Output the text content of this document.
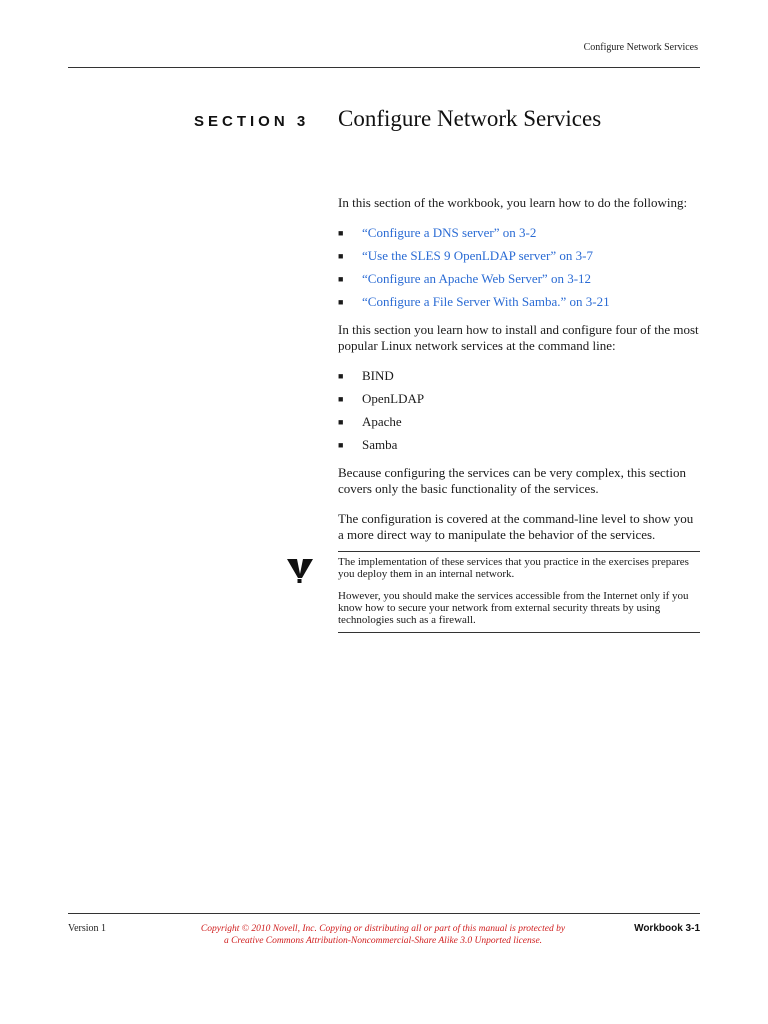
Configure Network Services
SECTION 3 Configure Network Services

In this section of the workbook, you learn how to do the following:

■ “Configure a DNS server” on 3-2
■ “Use the SLES 9 OpenLDAP server” on 3-7
■ “Configure an Apache Web Server” on 3-12
■ “Configure a File Server With Samba.” on 3-21

In this section you learn how to install and configure four of the most popular Linux network services at the command line:

■ BIND
■ OpenLDAP
■ Apache
■ Samba

Because configuring the services can be very complex, this section covers only the basic functionality of the services.

The configuration is covered at the command-line level to show you a more direct way to manipulate the behavior of the services.

The implementation of these services that you practice in the exercises prepares you deploy them in an internal network.

However, you should make the services accessible from the Internet only if you know how to secure your network from external security threats by using technologies such as a firewall.

Version 1	Copyright © 2010 Novell, Inc. Copying or distributing all or part of this manual is protected by
a Creative Commons Attribution-Noncommercial-Share Alike 3.0 Unported license.
Workbook 3-1
